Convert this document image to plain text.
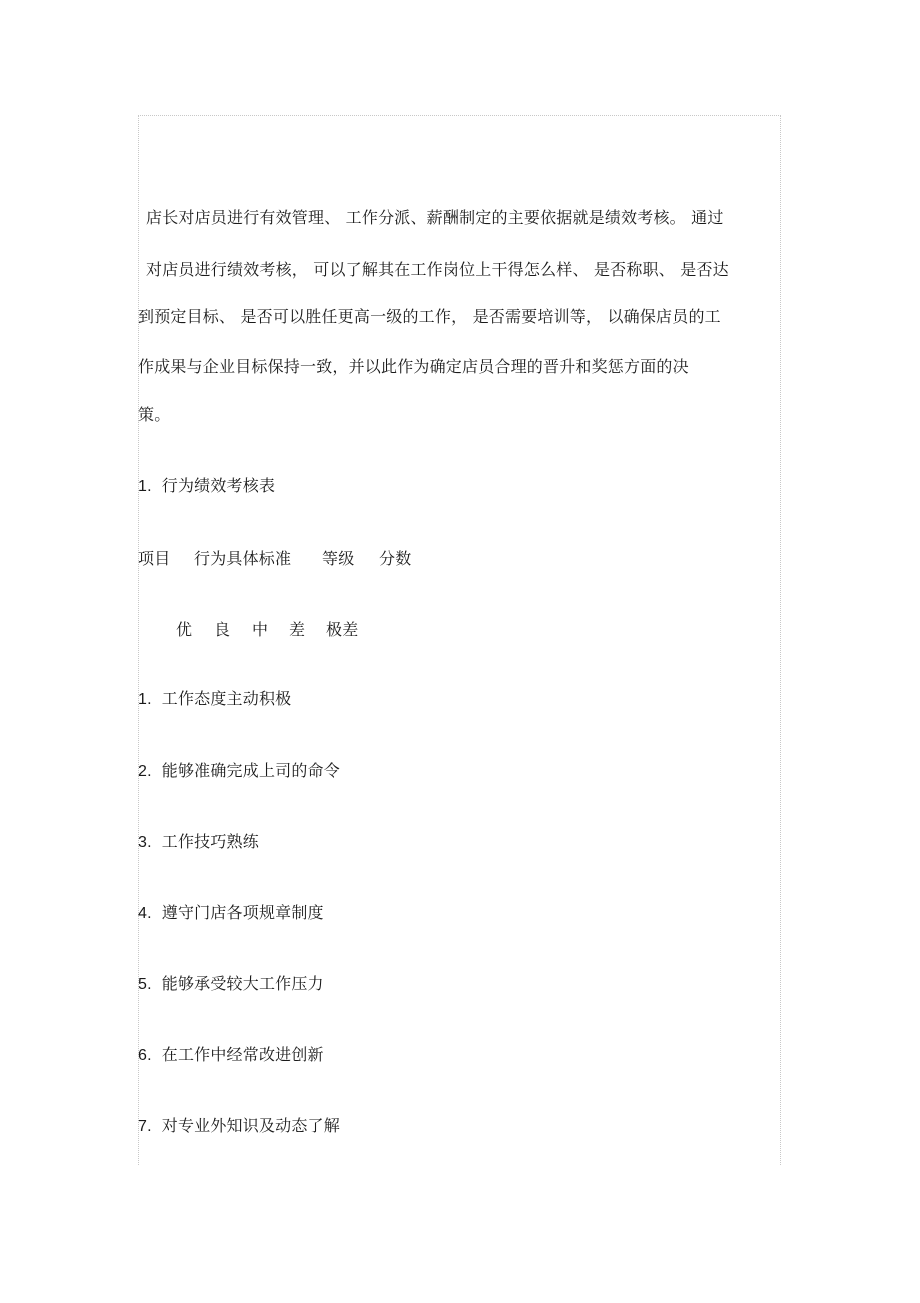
店长对店员进行有效管理、 工作分派、薪酬制定的主要依据就是绩效考核。 通过
对店员进行绩效考核， 可以了解其在工作岗位上干得怎么样、 是否称职、 是否达
到预定目标、 是否可以胜任更高一级的工作， 是否需要培训等， 以确保店员的工
作成果与企业目标保持一致，并以此作为确定店员合理的晋升和奖惩方面的决
策。
1. 行为绩效考核表
项目 行为具体标准 等级 分数
优 良 中 差 极差
1. 工作态度主动积极
2. 能够准确完成上司的命令
3. 工作技巧熟练
4. 遵守门店各项规章制度
5. 能够承受较大工作压力
6. 在工作中经常改进创新
7. 对专业外知识及动态了解
